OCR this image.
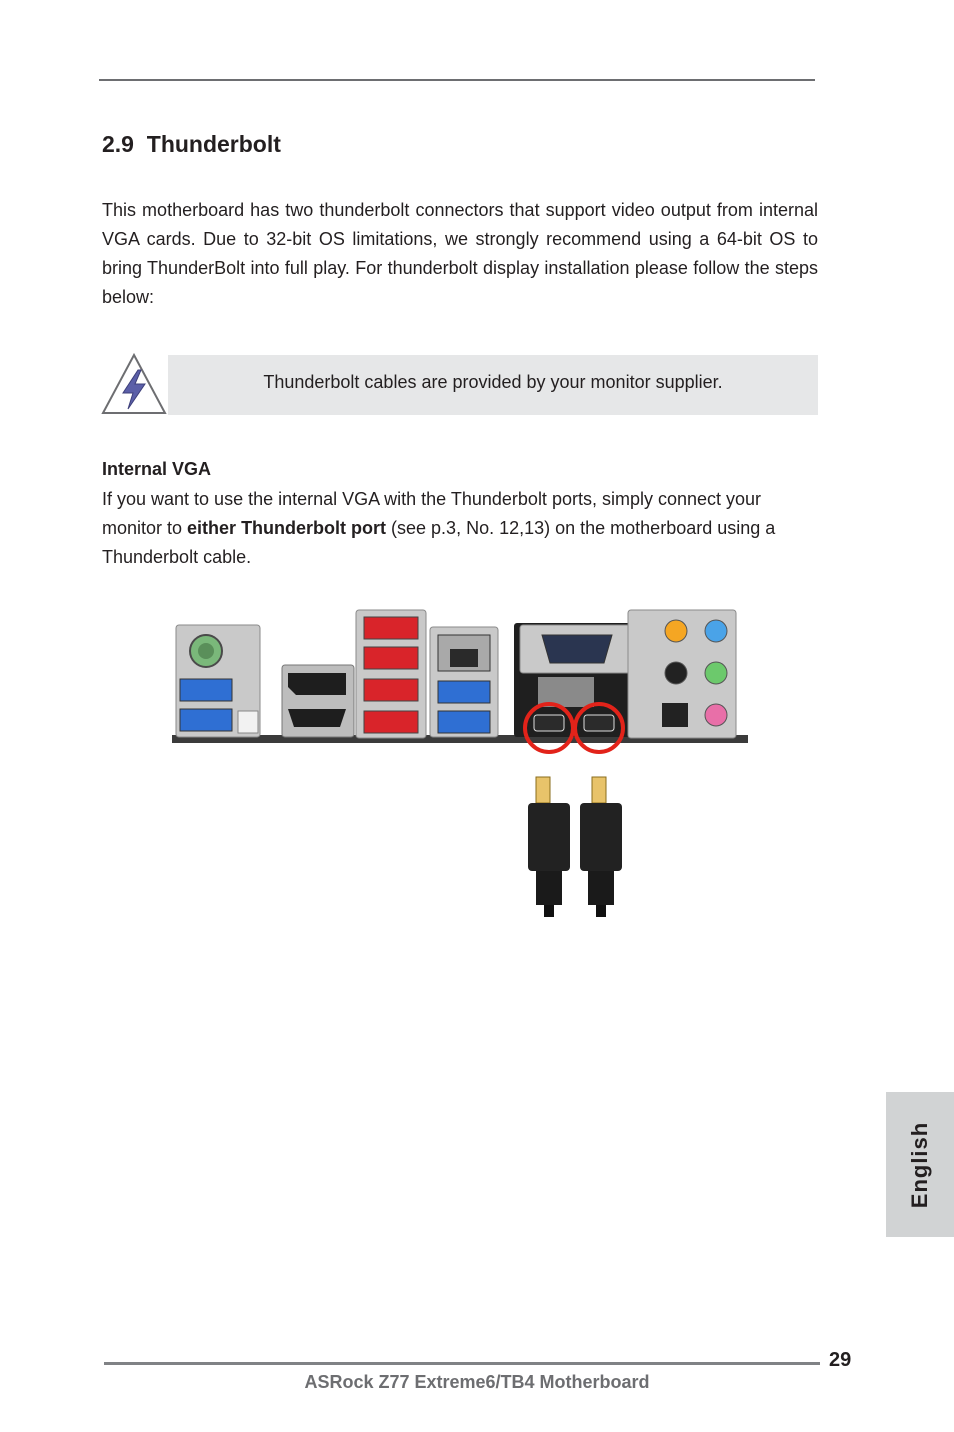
2.9 Thunderbolt

This motherboard has two thunderbolt connectors that support video output from internal VGA cards. Due to 32-bit OS limitations, we strongly recommend using a 64-bit OS to bring ThunderBolt into full play. For thunderbolt display installation please follow the steps below:

Thunderbolt cables are provided by your monitor supplier.
Internal VGA

If you want to use the internal VGA with the Thunderbolt ports, simply connect your monitor to either Thunderbolt port (see p.3, No. 12,13) on the motherboard using a Thunderbolt cable.

English
29
ASRock Z77 Extreme6/TB4 Motherboard
